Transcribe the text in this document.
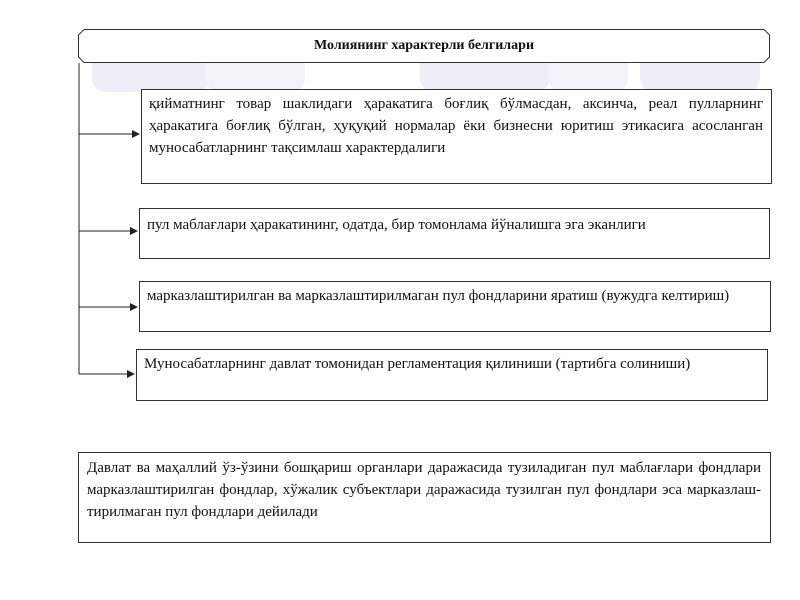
Молиянинг характерли белгилари
қийматнинг товар шаклидаги ҳаракатига боғлиқ бўлмасдан, аксинча, реал пулларнинг ҳаракатига боғлиқ бўлган, ҳуқуқий нормалар ёки бизнесни юритиш этикасига асосланган муносабатларнинг тақсимлаш характердалиги
пул маблағлари ҳаракатининг, одатда, бир томонлама йўналишга эга эканлиги
марказлаштирилган ва марказлаштирилмаган пул фондларини яратиш (вужудга келтириш)
Муносабатларнинг давлат томонидан регламентация қилиниши (тартибга солиниши)
Давлат ва маҳаллий ўз-ўзини бошқариш органлари даражасида тузиладиган пул маблағлари фондлари марказлаштирилган фондлар, хўжалик субъектлари даражасида тузилган пул фондлари эса марказлаш-тирилмаган пул фондлари дейилади
